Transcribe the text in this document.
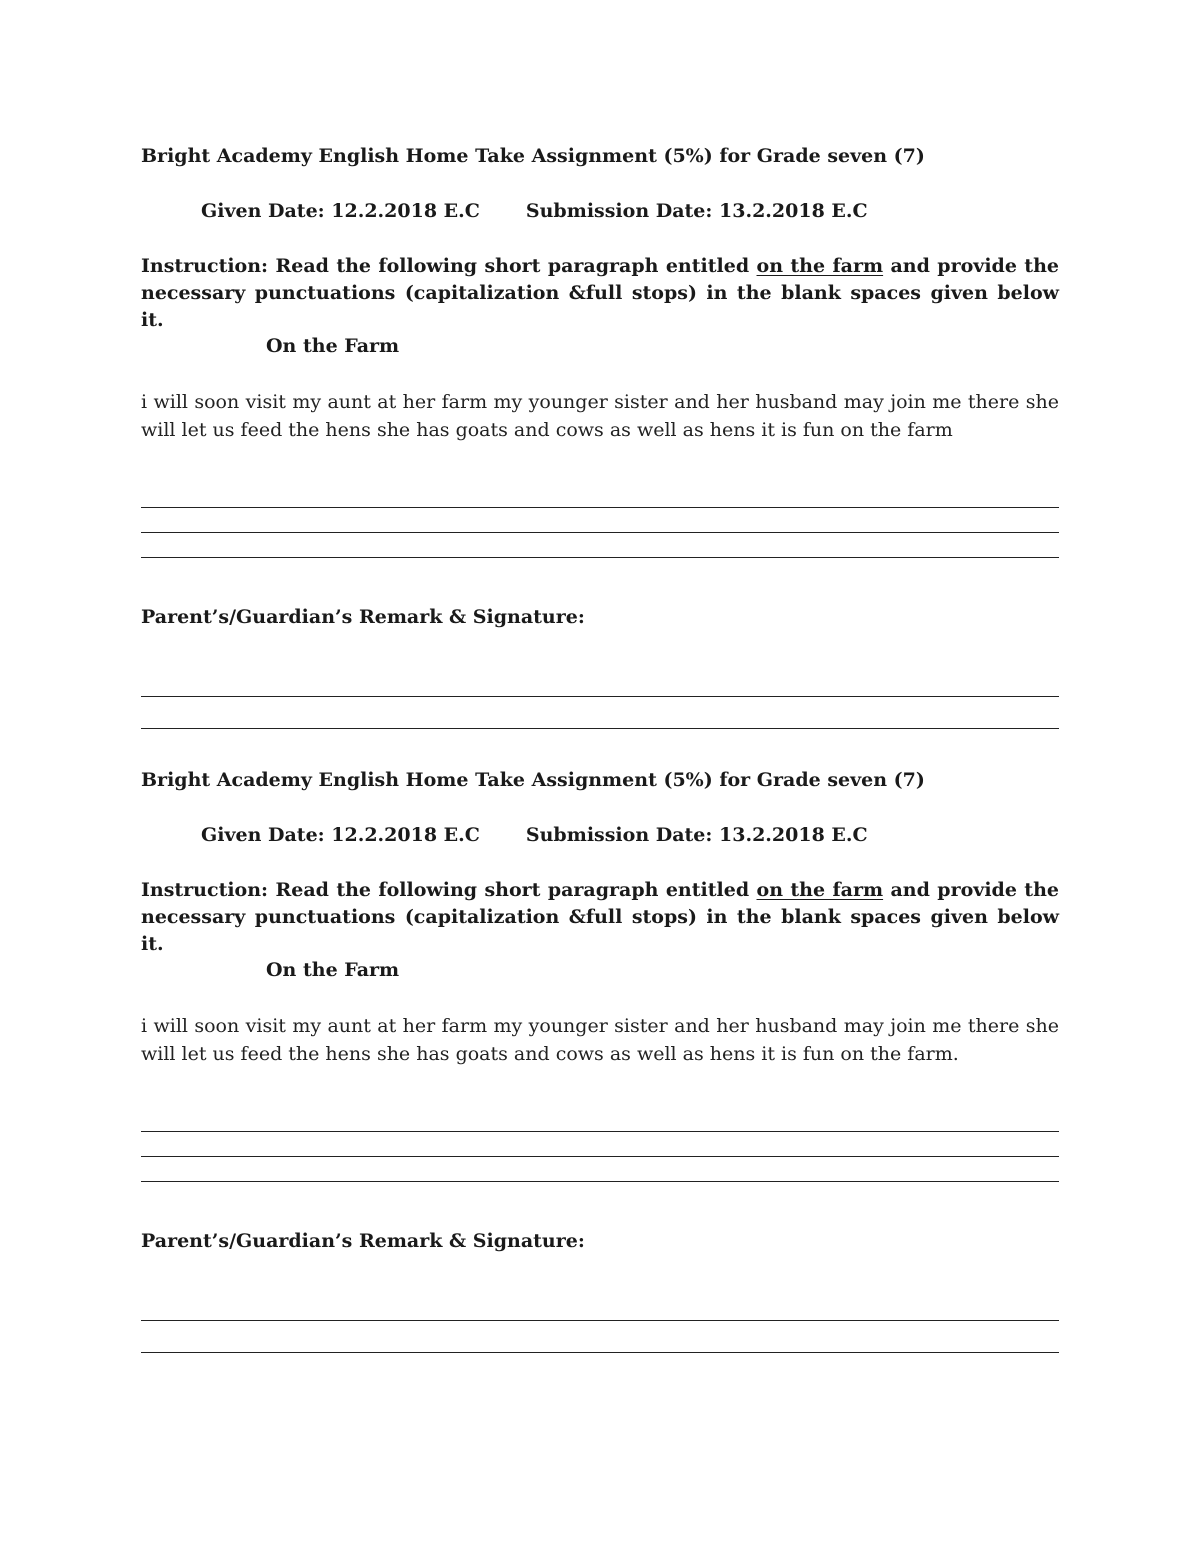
Bright Academy English Home Take Assignment (5%) for Grade seven (7)

Given Date: 12.2.2018 E.C Submission Date: 13.2.2018 E.C

Instruction: Read the following short paragraph entitled on the farm and provide the necessary punctuations (capitalization &full stops) in the blank spaces given below it.

On the Farm

i will soon visit my aunt at her farm my younger sister and her husband may join me there she will let us feed the hens she has goats and cows as well as hens it is fun on the farm

Parent’s/Guardian’s Remark & Signature:

Bright Academy English Home Take Assignment (5%) for Grade seven (7)

Given Date: 12.2.2018 E.C Submission Date: 13.2.2018 E.C

Instruction: Read the following short paragraph entitled on the farm and provide the necessary punctuations (capitalization &full stops) in the blank spaces given below it.

On the Farm

i will soon visit my aunt at her farm my younger sister and her husband may join me there she will let us feed the hens she has goats and cows as well as hens it is fun on the farm.

Parent’s/Guardian’s Remark & Signature:
